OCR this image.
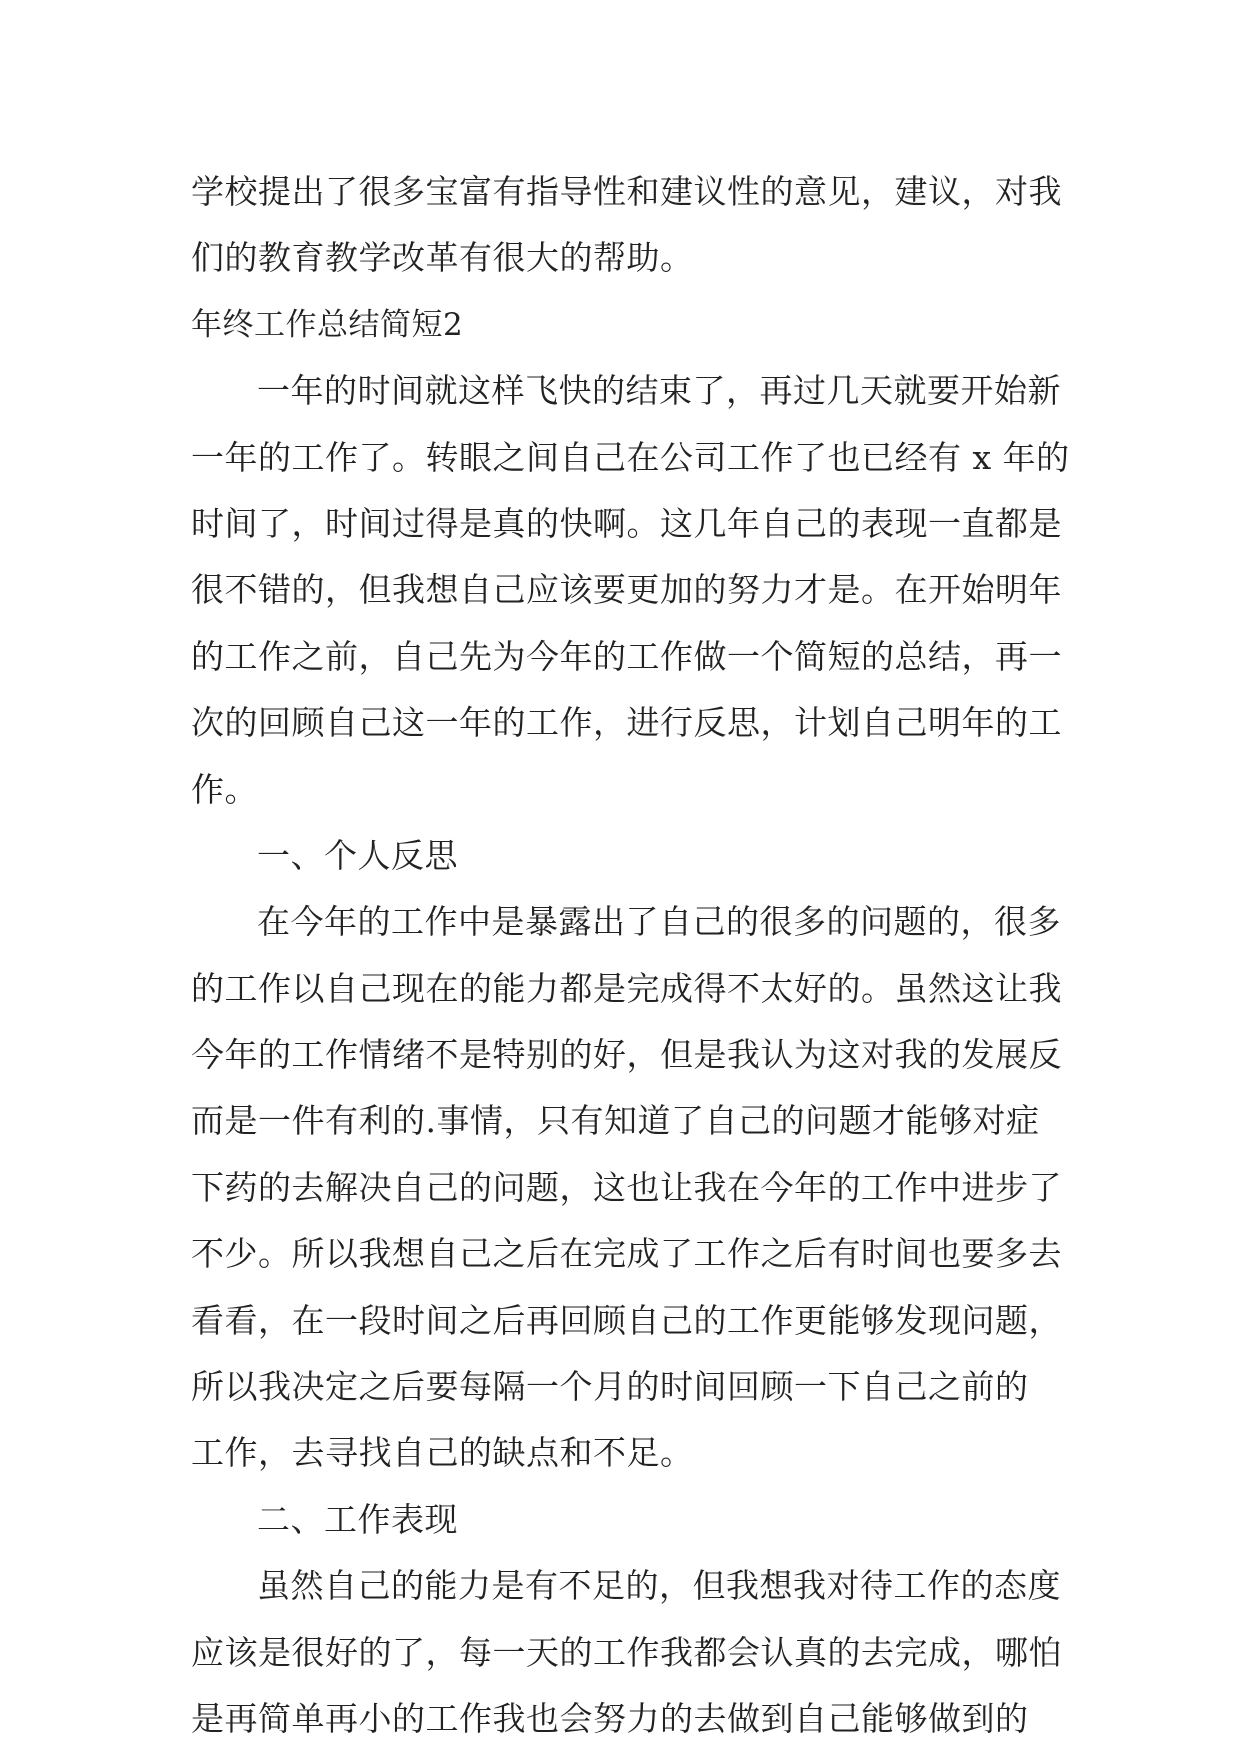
学校提出了很多宝富有指导性和建议性的意见，建议，对我
们的教育教学改革有很大的帮助。
年终工作总结简短2
一年的时间就这样飞快的结束了，再过几天就要开始新
一年的工作了。转眼之间自己在公司工作了也已经有 x 年的
时间了，时间过得是真的快啊。这几年自己的表现一直都是
很不错的，但我想自己应该要更加的努力才是。在开始明年
的工作之前，自己先为今年的工作做一个简短的总结，再一
次的回顾自己这一年的工作，进行反思，计划自己明年的工
作。
一、个人反思
在今年的工作中是暴露出了自己的很多的问题的，很多
的工作以自己现在的能力都是完成得不太好的。虽然这让我
今年的工作情绪不是特别的好，但是我认为这对我的发展反
而是一件有利的.事情，只有知道了自己的问题才能够对症
下药的去解决自己的问题，这也让我在今年的工作中进步了
不少。所以我想自己之后在完成了工作之后有时间也要多去
看看，在一段时间之后再回顾自己的工作更能够发现问题，
所以我决定之后要每隔一个月的时间回顾一下自己之前的
工作，去寻找自己的缺点和不足。
二、工作表现
虽然自己的能力是有不足的，但我想我对待工作的态度
应该是很好的了，每一天的工作我都会认真的去完成，哪怕
是再简单再小的工作我也会努力的去做到自己能够做到的
